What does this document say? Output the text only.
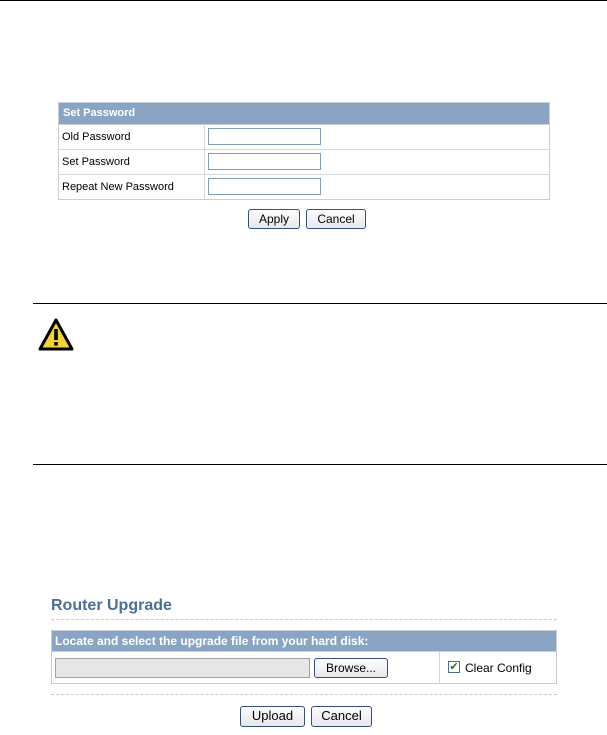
Set Password
Old Password
Set Password
Repeat New Password
Apply	Cancel
Router Upgrade
Locate and select the upgrade file from your hard disk:
Browse...	✔ Clear Config
Upload	Cancel
